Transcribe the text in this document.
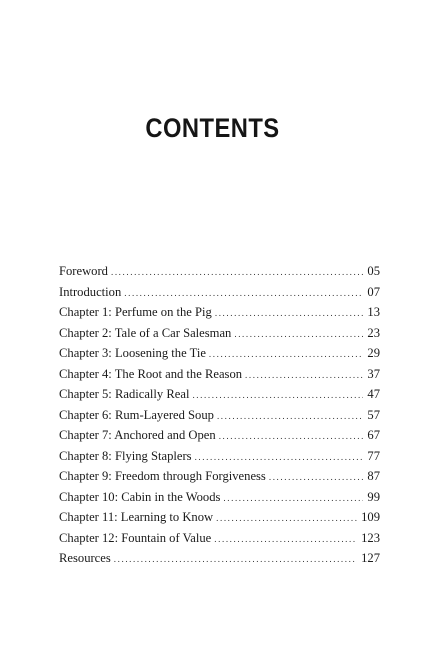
CONTENTS
Foreword .....	05
Introduction .....	07
Chapter 1: Perfume on the Pig .....	13
Chapter 2: Tale of a Car Salesman .....	23
Chapter 3: Loosening the Tie .....	29
Chapter 4: The Root and the Reason .....	37
Chapter 5: Radically Real .....	47
Chapter 6: Rum-Layered Soup .....	57
Chapter 7: Anchored and Open .....	67
Chapter 8: Flying Staplers .....	77
Chapter 9: Freedom through Forgiveness .....	87
Chapter 10: Cabin in the Woods .....	99
Chapter 11: Learning to Know .....	109
Chapter 12: Fountain of Value .....	123
Resources .....	127
